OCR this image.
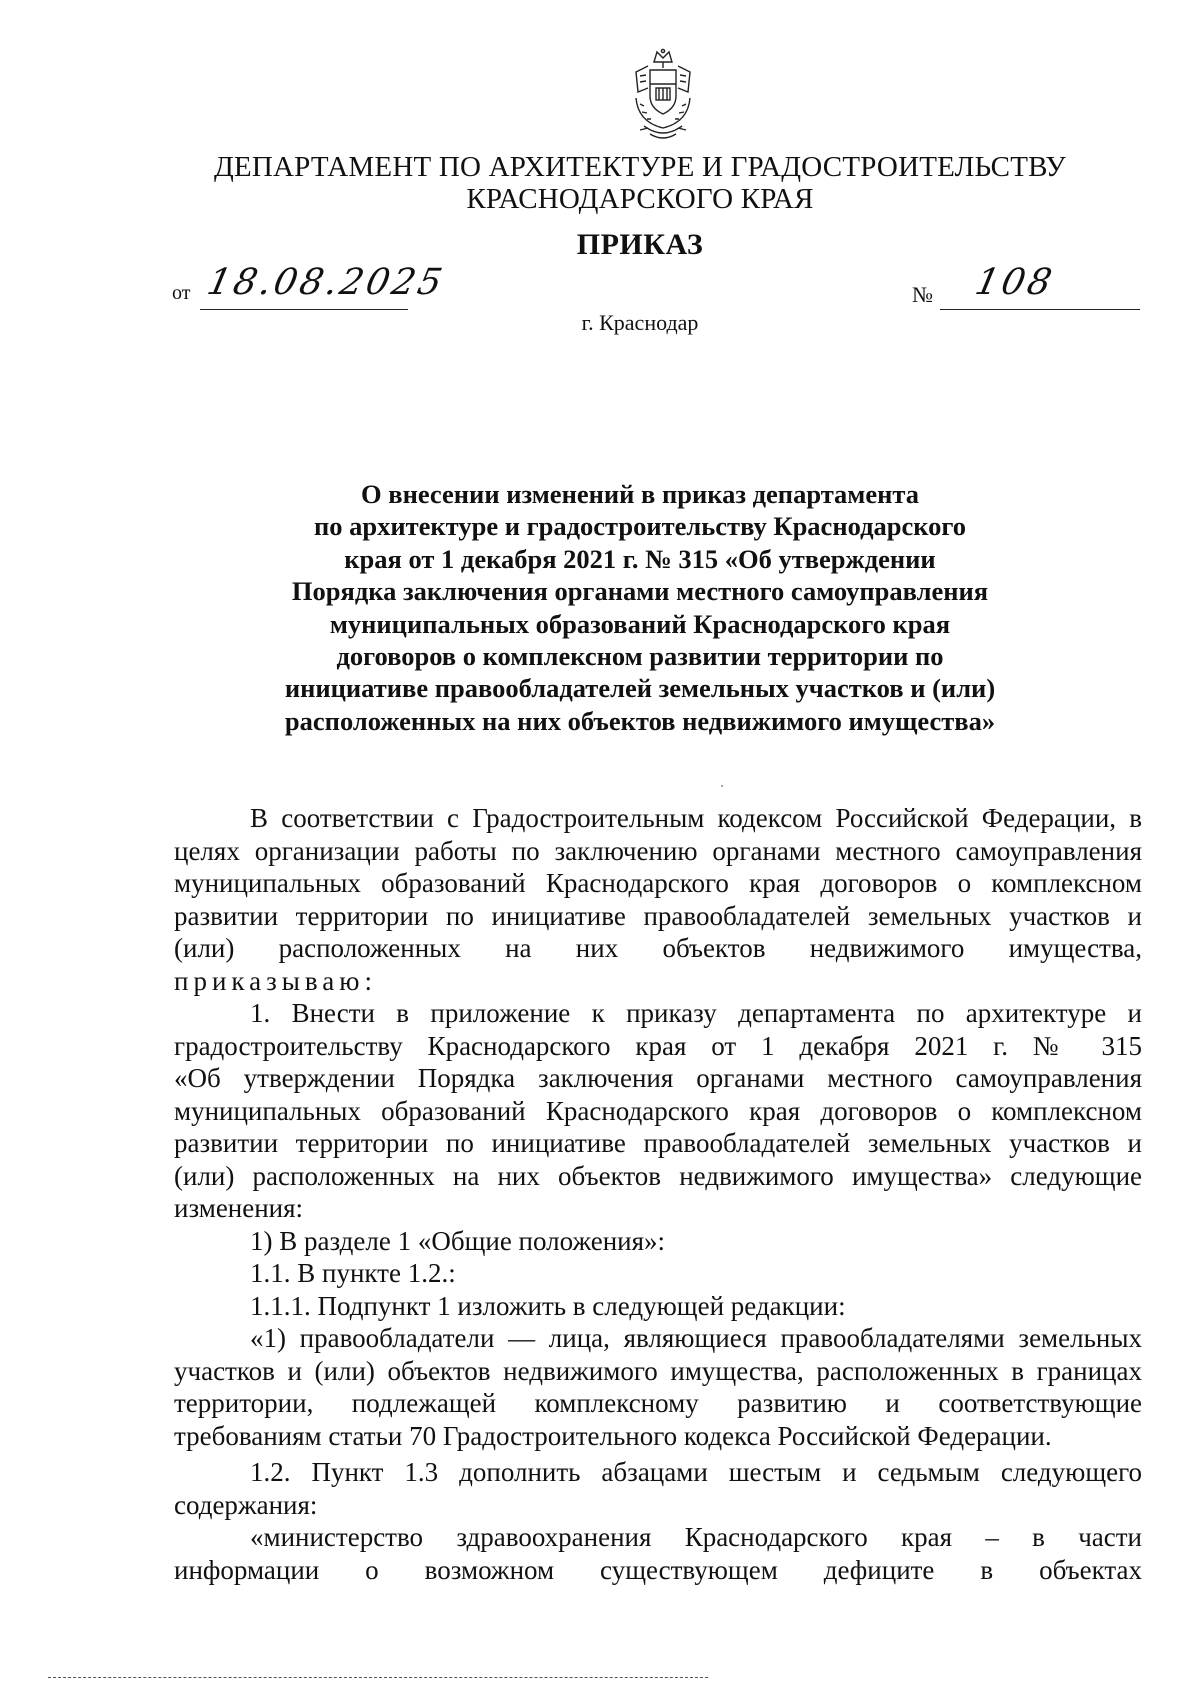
ДЕПАРТАМЕНТ ПО АРХИТЕКТУРЕ И ГРАДОСТРОИТЕЛЬСТВУ
КРАСНОДАРСКОГО КРАЯ
ПРИКАЗ
от 18.08.2025	№ 108
г. Краснодар
О внесении изменений в приказ департамента
по архитектуре и градостроительству Краснодарского
края от 1 декабря 2021 г. № 315 «Об утверждении
Порядка заключения органами местного самоуправления
муниципальных образований Краснодарского края
договоров о комплексном развитии территории по
инициативе правообладателей земельных участков и (или)
расположенных на них объектов недвижимого имущества»
В соответствии с Градостроительным кодексом Российской Федерации, в
целях организации работы по заключению органами местного самоуправления
муниципальных образований Краснодарского края договоров о комплексном
развитии территории по инициативе правообладателей земельных участков и
(или) расположенных на них объектов недвижимого имущества,
приказываю:
1. Внести в приложение к приказу департамента по архитектуре и
градостроительству Краснодарского края от 1 декабря 2021 г. № 315
«Об утверждении Порядка заключения органами местного самоуправления
муниципальных образований Краснодарского края договоров о комплексном
развитии территории по инициативе правообладателей земельных участков и
(или) расположенных на них объектов недвижимого имущества» следующие
изменения:
1) В разделе 1 «Общие положения»:
1.1. В пункте 1.2.:
1.1.1. Подпункт 1 изложить в следующей редакции:
«1) правообладатели — лица, являющиеся правообладателями земельных
участков и (или) объектов недвижимого имущества, расположенных в границах
территории, подлежащей комплексному развитию и соответствующие
требованиям статьи 70 Градостроительного кодекса Российской Федерации.
1.2. Пункт 1.3 дополнить абзацами шестым и седьмым следующего
содержания:
«министерство здравоохранения Краснодарского края – в части
информации о возможном существующем дефиците в объектах
